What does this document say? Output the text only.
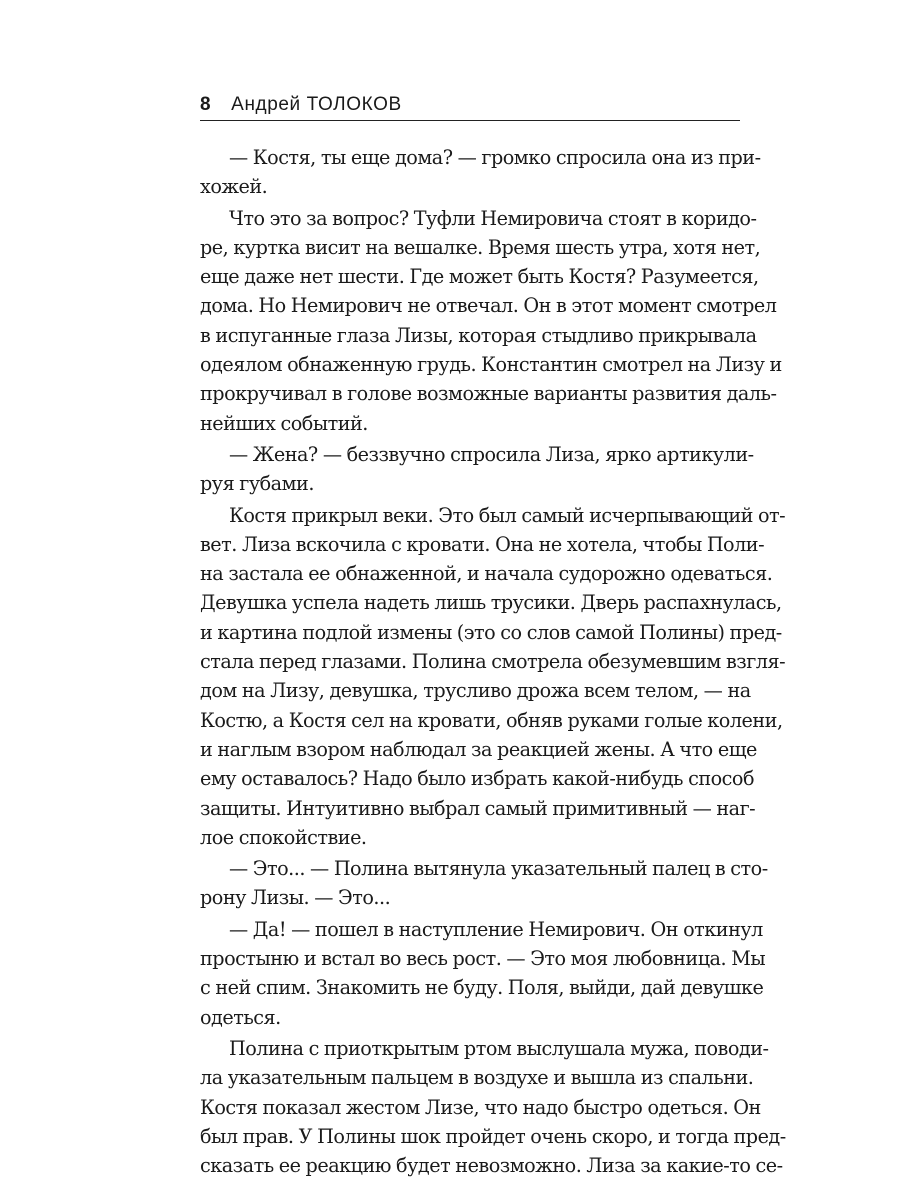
8 Андрей ТОЛОКОВ
— Костя, ты еще дома? — громко спросила она из при-
хожей.
Что это за вопрос? Туфли Немировича стоят в коридо-
ре, куртка висит на вешалке. Время шесть утра, хотя нет,
еще даже нет шести. Где может быть Костя? Разумеется,
дома. Но Немирович не отвечал. Он в этот момент смотрел
в испуганные глаза Лизы, которая стыдливо прикрывала
одеялом обнаженную грудь. Константин смотрел на Лизу и
прокручивал в голове возможные варианты развития даль-
нейших событий.
— Жена? — беззвучно спросила Лиза, ярко артикули-
руя губами.
Костя прикрыл веки. Это был самый исчерпывающий от-
вет. Лиза вскочила с кровати. Она не хотела, чтобы Поли-
на застала ее обнаженной, и начала судорожно одеваться.
Девушка успела надеть лишь трусики. Дверь распахнулась,
и картина подлой измены (это со слов самой Полины) пред-
стала перед глазами. Полина смотрела обезумевшим взгля-
дом на Лизу, девушка, трусливо дрожа всем телом, — на
Костю, а Костя сел на кровати, обняв руками голые колени,
и наглым взором наблюдал за реакцией жены. А что еще
ему оставалось? Надо было избрать какой-нибудь способ
защиты. Интуитивно выбрал самый примитивный — наг-
лое спокойствие.
— Это... — Полина вытянула указательный палец в сто-
рону Лизы. — Это...
— Да! — пошел в наступление Немирович. Он откинул
простыню и встал во весь рост. — Это моя любовница. Мы
с ней спим. Знакомить не буду. Поля, выйди, дай девушке
одеться.
Полина с приоткрытым ртом выслушала мужа, поводи-
ла указательным пальцем в воздухе и вышла из спальни.
Костя показал жестом Лизе, что надо быстро одеться. Он
был прав. У Полины шок пройдет очень скоро, и тогда пред-
сказать ее реакцию будет невозможно. Лиза за какие-то се-
